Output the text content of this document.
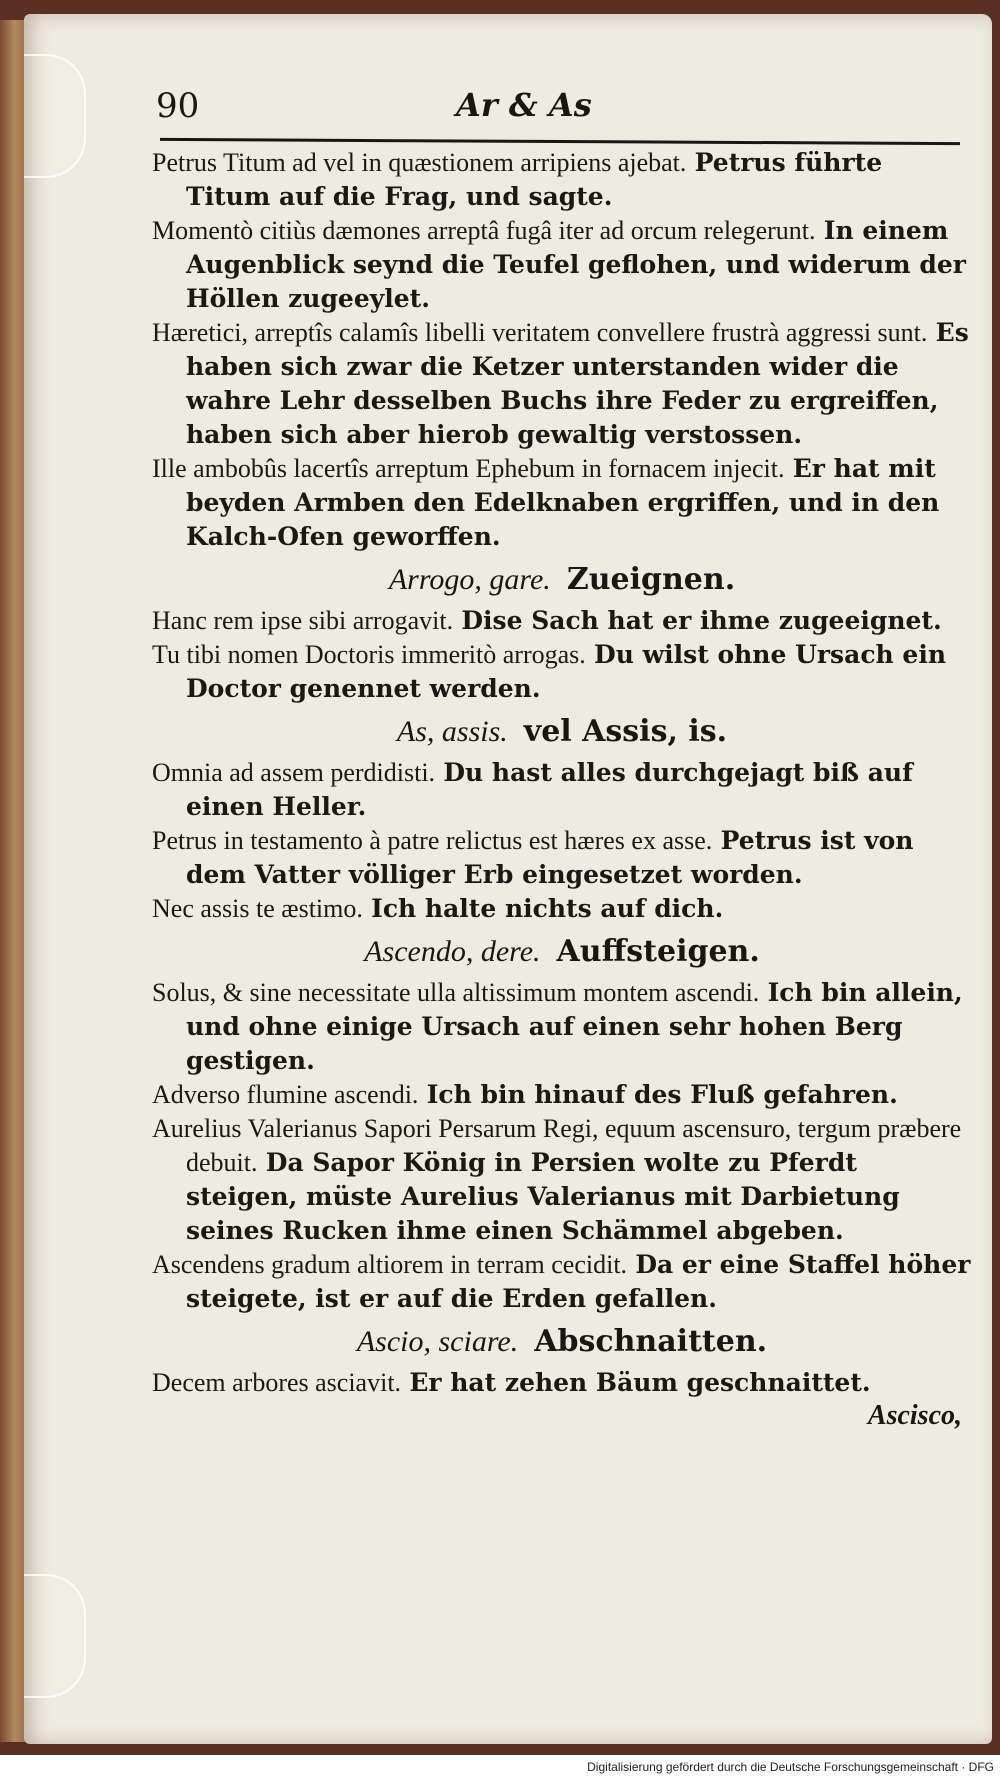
90	Ar & As

Petrus Titum ad vel in quæstionem arripiens ajebat. Petrus führte Titum auf die Frag, und sagte.

Momentò citiùs dæmones arreptâ fugâ iter ad orcum relegerunt. In einem Augenblick seynd die Teufel geflohen, und widerum der Höllen zugeeylet.

Hæretici, arreptîs calamîs libelli veritatem convellere frustrà aggressi sunt. Es haben sich zwar die Ketzer unterstanden wider die wahre Lehr desselben Buchs ihre Feder zu ergreiffen, haben sich aber hierob gewaltig verstossen.

Ille ambobûs lacertîs arreptum Ephebum in fornacem injecit. Er hat mit beyden Armben den Edelknaben ergriffen, und in den Kalch-Ofen geworffen.

Arrogo, gare. Zueignen.

Hanc rem ipse sibi arrogavit. Dise Sach hat er ihme zugeeignet.

Tu tibi nomen Doctoris immeritò arrogas. Du wilst ohne Ursach ein Doctor genennet werden.

As, assis. vel Assis, is.

Omnia ad assem perdidisti. Du hast alles durchgejagt biß auf einen Heller.

Petrus in testamento à patre relictus est hæres ex asse. Petrus ist von dem Vatter völliger Erb eingesetzet worden.

Nec assis te æstimo. Ich halte nichts auf dich.

Ascendo, dere. Auffsteigen.

Solus, & sine necessitate ulla altissimum montem ascendi. Ich bin allein, und ohne einige Ursach auf einen sehr hohen Berg gestigen.

Adverso flumine ascendi. Ich bin hinauf des Fluß gefahren.

Aurelius Valerianus Sapori Persarum Regi, equum ascensuro, tergum præbere debuit. Da Sapor König in Persien wolte zu Pferdt steigen, müste Aurelius Valerianus mit Darbietung seines Rucken ihme einen Schämmel abgeben.

Ascendens gradum altiorem in terram cecidit. Da er eine Staffel höher steigete, ist er auf die Erden gefallen.

Ascio, sciare. Abschnaitten.

Decem arbores asciavit. Er hat zehen Bäum geschnaittet.

Ascisco,
Digitalisierung gefördert durch die Deutsche Forschungsgemeinschaft · DFG
